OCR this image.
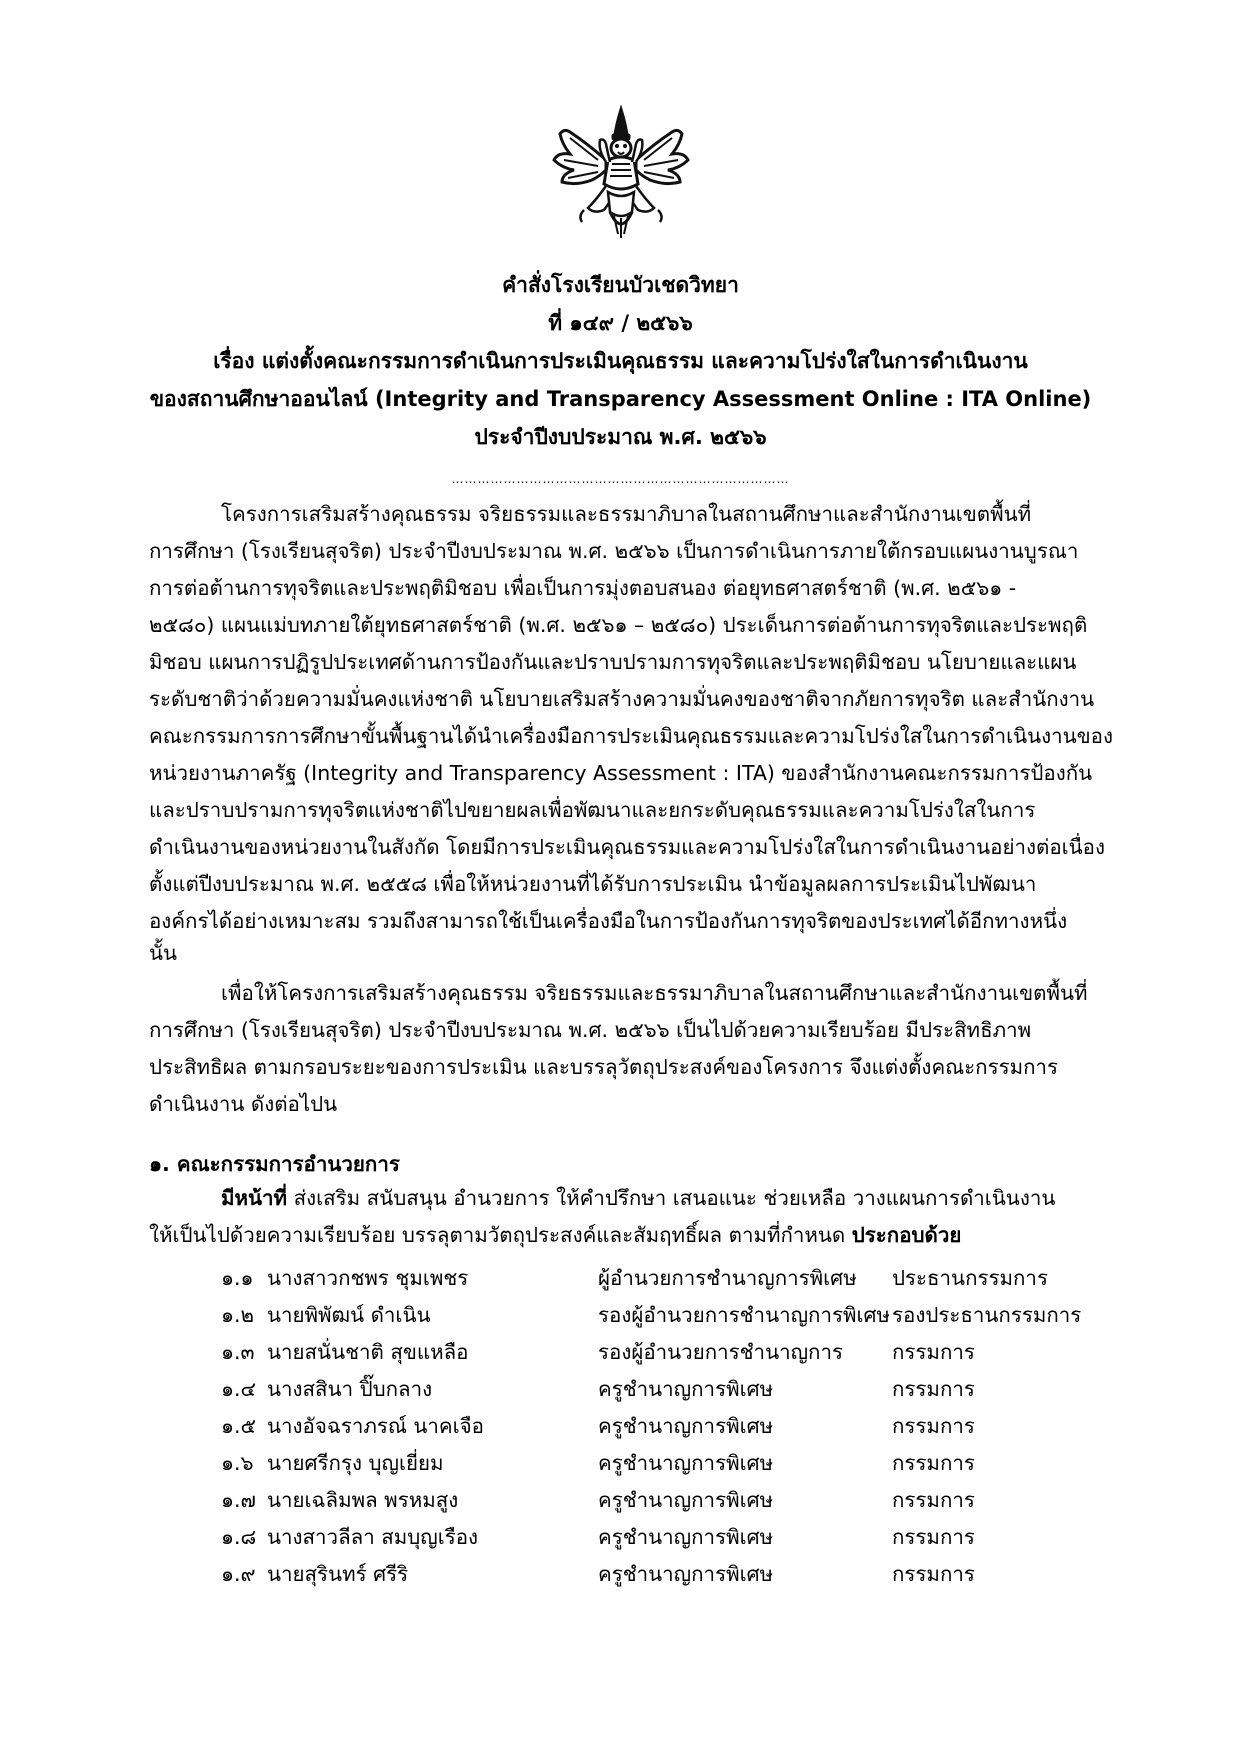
คำสั่งโรงเรียนบัวเชดวิทยา
ที่ ๑๔๙ / ๒๕๖๖
เรื่อง แต่งตั้งคณะกรรมการดำเนินการประเมินคุณธรรม และความโปร่งใสในการดำเนินงาน
ของสถานศึกษาออนไลน์ (Integrity and Transparency Assessment Online : ITA Online)
ประจำปีงบประมาณ พ.ศ. ๒๕๖๖
……………………………………………………………………
โครงการเสริมสร้างคุณธรรม จริยธรรมและธรรมาภิบาลในสถานศึกษาและสำนักงานเขตพื้นที่
การศึกษา (โรงเรียนสุจริต) ประจำปีงบประมาณ พ.ศ. ๒๕๖๖ เป็นการดำเนินการภายใต้กรอบแผนงานบูรณา
การต่อต้านการทุจริตและประพฤติมิชอบ เพื่อเป็นการมุ่งตอบสนอง ต่อยุทธศาสตร์ชาติ (พ.ศ. ๒๕๖๑ -
๒๕๘๐) แผนแม่บทภายใต้ยุทธศาสตร์ชาติ (พ.ศ. ๒๕๖๑ – ๒๕๘๐) ประเด็นการต่อต้านการทุจริตและประพฤติ
มิชอบ แผนการปฏิรูปประเทศด้านการป้องกันและปราบปรามการทุจริตและประพฤติมิชอบ นโยบายและแผน
ระดับชาติว่าด้วยความมั่นคงแห่งชาติ นโยบายเสริมสร้างความมั่นคงของชาติจากภัยการทุจริต และสำนักงาน
คณะกรรมการการศึกษาขั้นพื้นฐานได้นำเครื่องมือการประเมินคุณธรรมและความโปร่งใสในการดำเนินงานของ
หน่วยงานภาครัฐ (Integrity and Transparency Assessment : ITA) ของสำนักงานคณะกรรมการป้องกัน
และปราบปรามการทุจริตแห่งชาติไปขยายผลเพื่อพัฒนาและยกระดับคุณธรรมและความโปร่งใสในการ
ดำเนินงานของหน่วยงานในสังกัด โดยมีการประเมินคุณธรรมและความโปร่งใสในการดำเนินงานอย่างต่อเนื่อง
ตั้งแต่ปีงบประมาณ พ.ศ. ๒๕๕๘ เพื่อให้หน่วยงานที่ได้รับการประเมิน นำข้อมูลผลการประเมินไปพัฒนา
องค์กรได้อย่างเหมาะสม รวมถึงสามารถใช้เป็นเครื่องมือในการป้องกันการทุจริตของประเทศได้อีกทางหนึ่ง
นั้น
เพื่อให้โครงการเสริมสร้างคุณธรรม จริยธรรมและธรรมาภิบาลในสถานศึกษาและสำนักงานเขตพื้นที่
การศึกษา (โรงเรียนสุจริต) ประจำปีงบประมาณ พ.ศ. ๒๕๖๖ เป็นไปด้วยความเรียบร้อย มีประสิทธิภาพ
ประสิทธิผล ตามกรอบระยะของการประเมิน และบรรลุวัตถุประสงค์ของโครงการ จึงแต่งตั้งคณะกรรมการ
ดำเนินงาน ดังต่อไปน
๑. คณะกรรมการอำนวยการ
มีหน้าที่ ส่งเสริม สนับสนุน อำนวยการ ให้คำปรึกษา เสนอแนะ ช่วยเหลือ วางแผนการดำเนินงาน
ให้เป็นไปด้วยความเรียบร้อย บรรลุตามวัตถุประสงค์และสัมฤทธิ์ผล ตามที่กำหนด ประกอบด้วย
๑.๑ นางสาวกชพร ชุมเพชร	ผู้อำนวยการชำนาญการพิเศษ ประธานกรรมการ
๑.๒ นายพิพัฒน์ ดำเนิน	รองผู้อำนวยการชำนาญการพิเศษ รองประธานกรรมการ
๑.๓ นายสนั่นชาติ สุขแหลือ	รองผู้อำนวยการชำนาญการ กรรมการ
๑.๔ นางสสินา ปิ๊บกลาง	ครูชำนาญการพิเศษ	กรรมการ
๑.๕ นางอัจฉราภรณ์ นาคเจือ	ครูชำนาญการพิเศษ	กรรมการ
๑.๖ นายศรีกรุง บุญเยี่ยม	ครูชำนาญการพิเศษ	กรรมการ
๑.๗ นายเฉลิมพล พรหมสูง	ครูชำนาญการพิเศษ	กรรมการ
๑.๘ นางสาวลีลา สมบุญเรือง	ครูชำนาญการพิเศษ	กรรมการ
๑.๙ นายสุรินทร์ ศรีริ	ครูชำนาญการพิเศษ	กรรมการ
